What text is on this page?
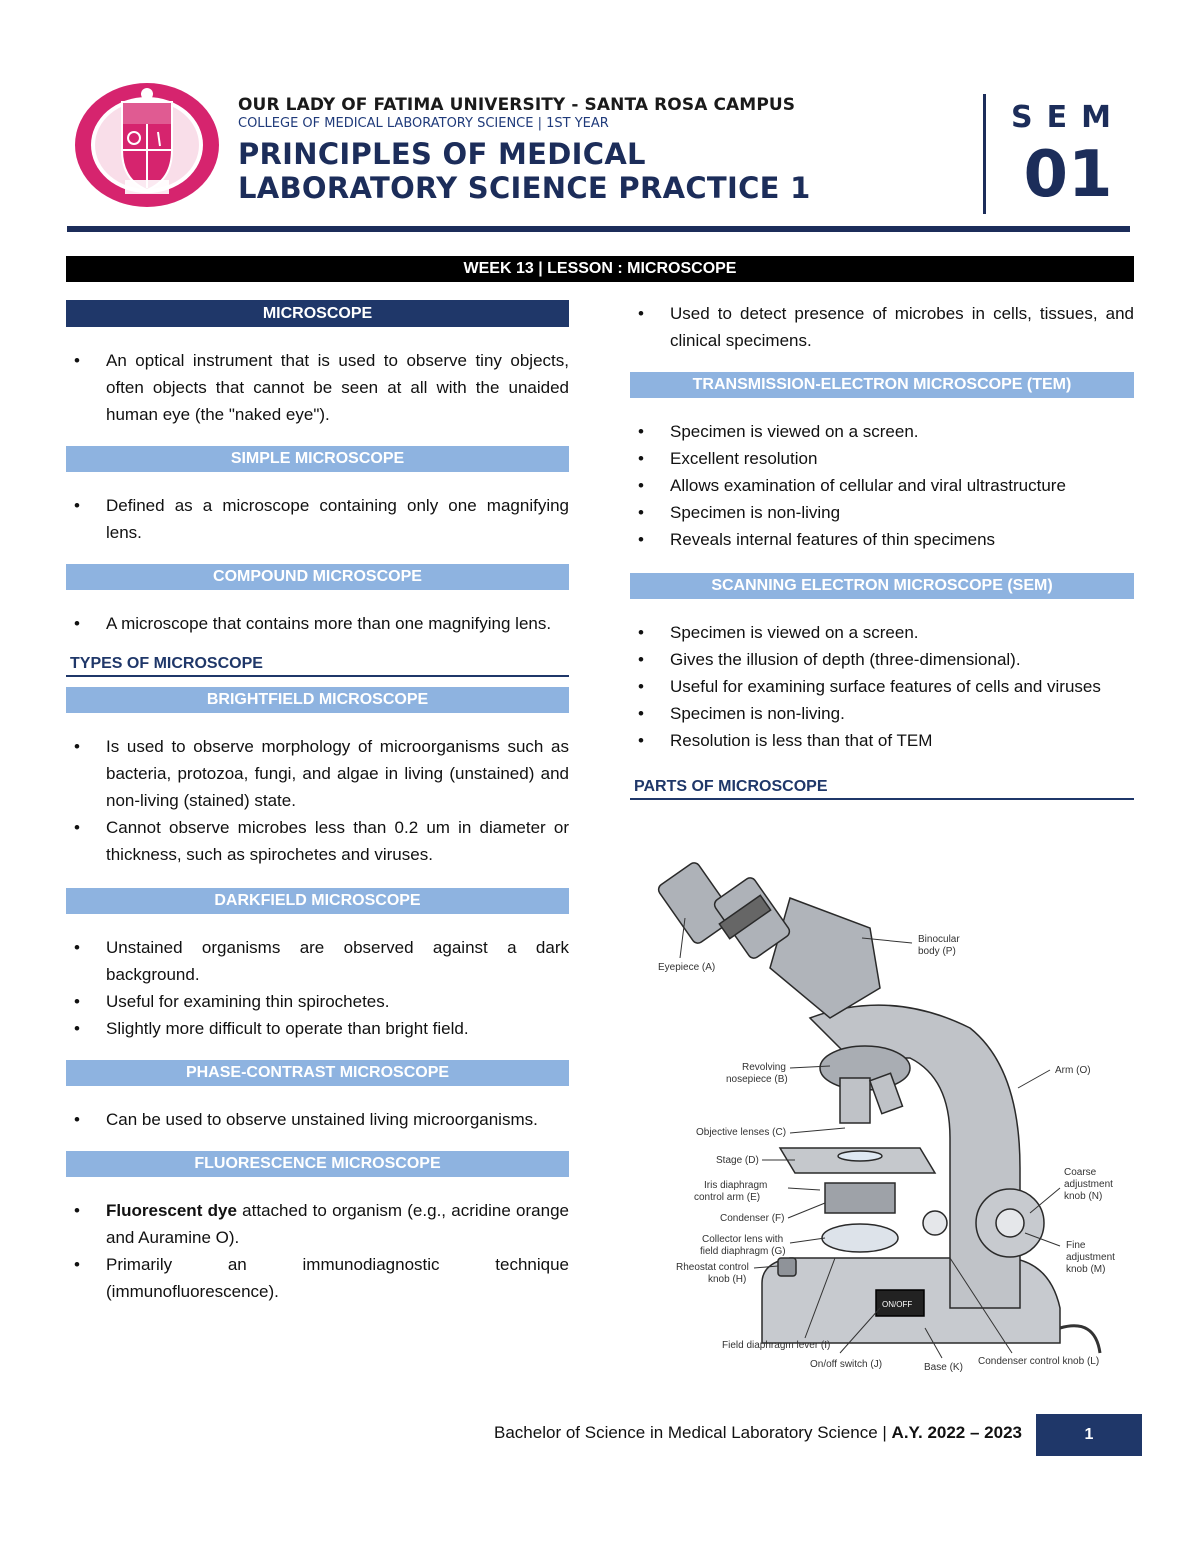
OUR LADY OF FATIMA UNIVERSITY - SANTA ROSA CAMPUS
COLLEGE OF MEDICAL LABORATORY SCIENCE | 1ST YEAR
PRINCIPLES OF MEDICAL
LABORATORY SCIENCE PRACTICE 1
SEM
01
WEEK 13 | LESSON : MICROSCOPE
MICROSCOPE
• An optical instrument that is used to observe tiny objects, often objects that cannot be seen at all with the unaided human eye (the "naked eye").
SIMPLE MICROSCOPE
• Defined as a microscope containing only one magnifying lens.
COMPOUND MICROSCOPE
• A microscope that contains more than one magnifying lens.
TYPES OF MICROSCOPE
BRIGHTFIELD MICROSCOPE
• Is used to observe morphology of microorganisms such as bacteria, protozoa, fungi, and algae in living (unstained) and non-living (stained) state.
• Cannot observe microbes less than 0.2 um in diameter or thickness, such as spirochetes and viruses.
DARKFIELD MICROSCOPE
• Unstained organisms are observed against a dark background.
• Useful for examining thin spirochetes.
• Slightly more difficult to operate than bright field.
PHASE-CONTRAST MICROSCOPE
• Can be used to observe unstained living microorganisms.
FLUORESCENCE MICROSCOPE
• Fluorescent dye attached to organism (e.g., acridine orange and Auramine O).
• Primarily an immunodiagnostic technique (immunofluorescence).
• Used to detect presence of microbes in cells, tissues, and clinical specimens.
TRANSMISSION-ELECTRON MICROSCOPE (TEM)
• Specimen is viewed on a screen.
• Excellent resolution
• Allows examination of cellular and viral ultrastructure
• Specimen is non-living
• Reveals internal features of thin specimens
SCANNING ELECTRON MICROSCOPE (SEM)
• Specimen is viewed on a screen.
• Gives the illusion of depth (three-dimensional).
• Useful for examining surface features of cells and viruses
• Specimen is non-living.
• Resolution is less than that of TEM
PARTS OF MICROSCOPE
Eyepiece (A)
Binocular
body (P)
Revolving
nosepiece (B)
Arm (O)
Objective lenses (C)
Stage (D)
Iris diaphragm
control arm (E)
Condenser (F)
Collector lens with
field diaphragm (G)
Rheostat control
knob (H)
Coarse
adjustment
knob (N)
Fine
adjustment
knob (M)
Field diaphragm lever (I)
On/off switch (J)	Base (K)
Condenser control knob (L)
ON/OFF
Bachelor of Science in Medical Laboratory Science | A.Y. 2022 – 2023	1
